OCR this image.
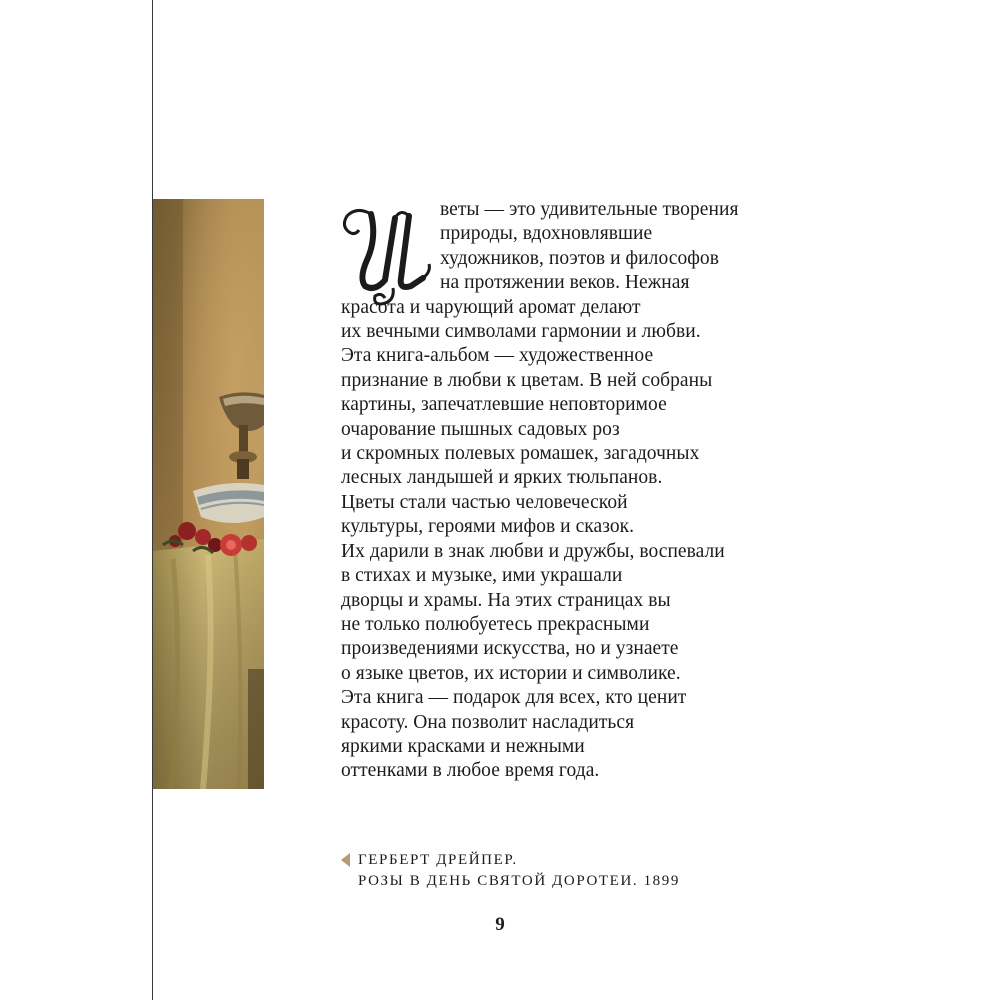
веты — это удивительные творения
природы, вдохновлявшие
художников, поэтов и философов
на протяжении веков. Нежная
красота и чарующий аромат делают
их вечными символами гармонии и любви.
Эта книга-альбом — художественное
признание в любви к цветам. В ней собраны
картины, запечатлевшие неповторимое
очарование пышных садовых роз
и скромных полевых ромашек, загадочных
лесных ландышей и ярких тюльпанов.
Цветы стали частью человеческой
культуры, героями мифов и сказок.
Их дарили в знак любви и дружбы, воспевали
в стихах и музыке, ими украшали
дворцы и храмы. На этих страницах вы
не только полюбуетесь прекрасными
произведениями искусства, но и узнаете
о языке цветов, их истории и символике.
Эта книга — подарок для всех, кто ценит
красоту. Она позволит насладиться
яркими красками и нежными
оттенками в любое время года.

ГЕРБЕРТ ДРЕЙПЕР.
РОЗЫ В ДЕНЬ СВЯТОЙ ДОРОТЕИ. 1899
9
